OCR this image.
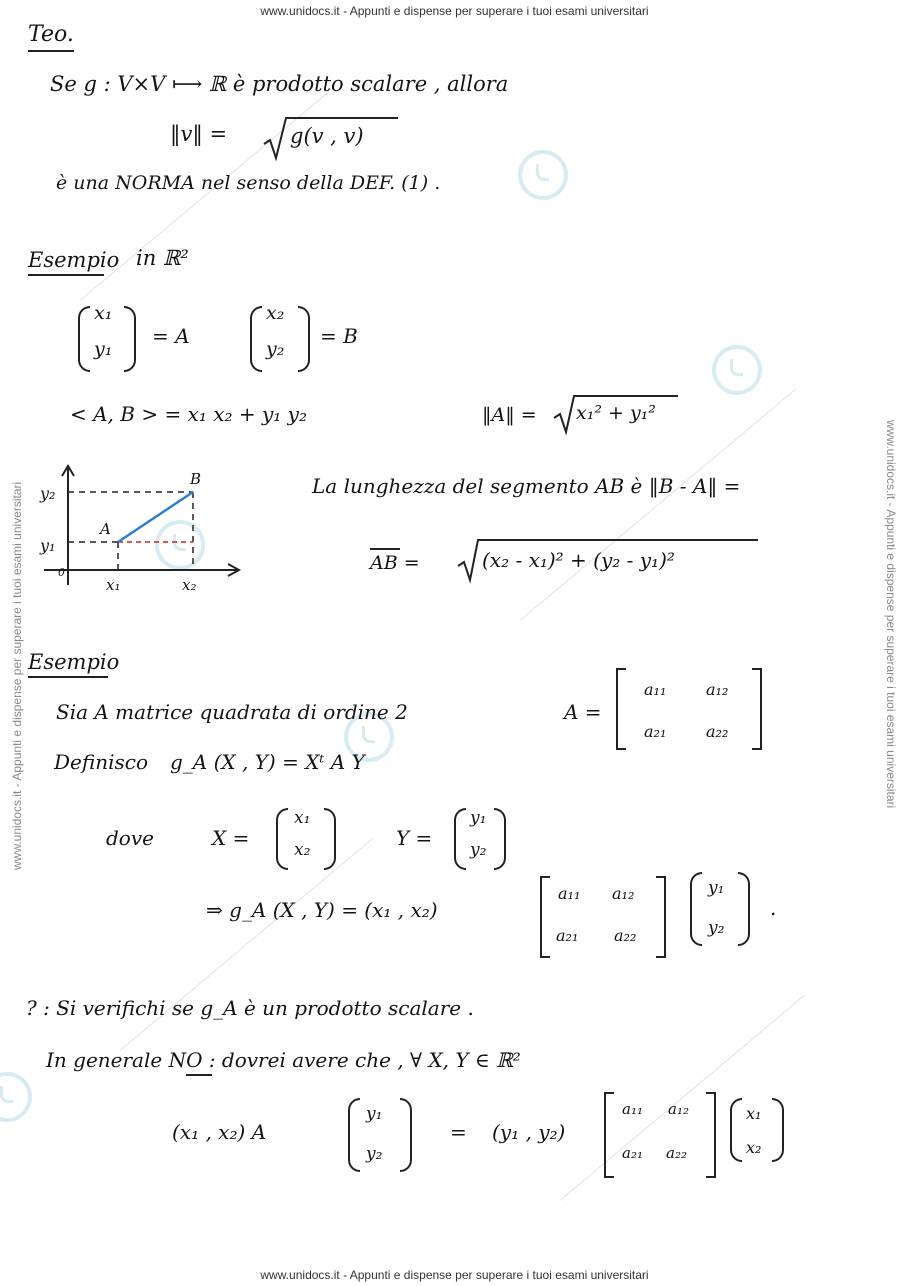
www.unidocs.it - Appunti e dispense per superare i tuoi esami universitari
www.unidocs.it - Appunti e dispense per superare i tuoi esami universitari
www.unidocs.it - Appunti e dispense per superare i tuoi esami universitari	www.unidocs.it - Appunti e dispense per superare i tuoi esami universitari
Teo.
Se g : V×V ⟼ ℝ è prodotto scalare , allora
‖v‖ =	g(v , v)
è una NORMA nel senso della DEF. (1) .
Esempio in ℝ²
x₁
y₁
= A
x₂
y₂
= B
< A, B > = x₁ x₂ + y₁ y₂	‖A‖ = x₁² + y₁²
B
A
y₂
y₁
0
x₁	x₂
La lunghezza del segmento AB è ‖B - A‖ =
AB =	(x₂ - x₁)² + (y₂ - y₁)²
Esempio
Sia A matrice quadrata di ordine 2	A =
a₁₁ a₁₂
a₂₁ a₂₂
Definisco g_A (X , Y) = Xᵗ A Y
dove	X =
x₁
x₂	Y =
y₁
y₂
⇒ g_A (X , Y) = (x₁ , x₂)
a₁₁ a₁₂
a₂₁ a₂₂
y₁
y₂
.
? : Si verifichi se g_A è un prodotto scalare .
In generale NO : dovrei avere che , ∀ X, Y ∈ ℝ²
(x₁ , x₂) A
y₁
y₂
= (y₁ , y₂)
a₁₁ a₁₂
a₂₁ a₂₂
x₁
x₂
